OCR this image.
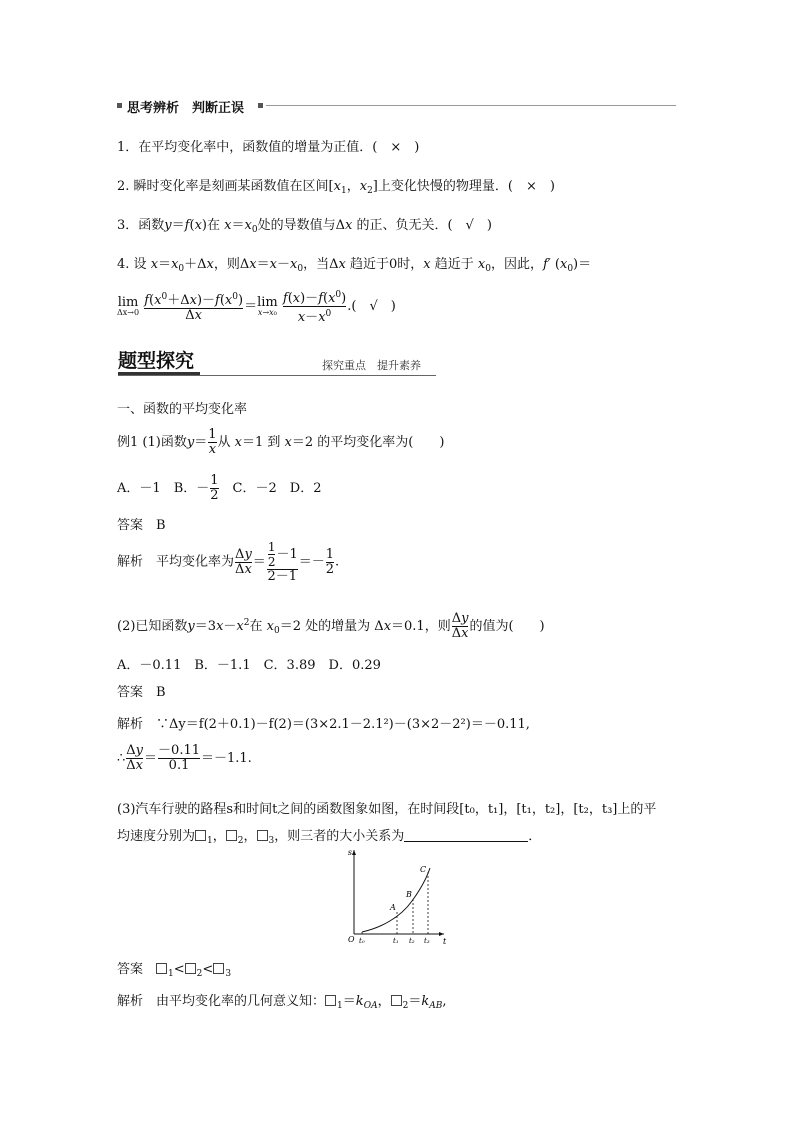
思考辨析　判断正误
1．在平均变化率中，函数值的增量为正值．(　×　)
2. 瞬时变化率是刻画某函数值在区间[$x_1$，$x_2$]上变化快慢的物理量．(　×　)
3．函数y＝f(x)在 $x=x_0$处的导数值与Δx 的正、负无关．(　√　)
4. 设 $x=x_0+\Delta x$，则$\Delta x=x-x_0$，当Δx 趋近于0时，x 趋近于 $x_0$，因此，f′ $(x_0)=$
lim
Δx→0
$\frac{f(x^0+\Delta x)-f(x^0)}{\Delta x} = \lim$
x→x₀
$\frac{f(x)-f(x^0)}{x-x^0}$ .(　√　)
题型探究	探究重点　提升素养
一、函数的平均变化率
例1 (1)函数$y= \frac{1}{x}$ 从 x＝1 到 x＝2 的平均变化率为(　　)
A．－1　 B．－ $\frac{1}{2}$
　 C．－2　 D．2
答案　 B
解析　 平均变化率为 $\frac{\Delta y}{\Delta x} = \frac{\frac{1}{2} -1}{2-1} =- \frac{1}{2}$ .
(2)已知函数$y=3x-x^2$在 $x_0=2$ 处的增量为 Δx＝0.1，则 $\frac{\Delta y}{\Delta x}$ 的值为(　　)
A．－0.11　 B．－1.1　 C．3.89　 D．0.29
答案　 B
解析　 ∵Δy＝f(2＋0.1)－f(2)＝(3×2.1－2.1²)－(3×2－2²)＝－0.11,
∴ $\frac{\Delta y}{\Delta x} = \frac{-0.11}{0.1} =-1.1$.
(3)汽车行驶的路程s和时间t之间的函数图象如图，在时间段[t₀，t₁]，[t₁，t₂]，[t₂，t₃]上的平
均速度分别为 $_1$， $_2$， $_3$，则三者的大小关系为	．
s
t
O t₀	t₁ t₂ t₃
A
B
C
答案　	$_1$< $_2$< $_3$
解析　 由平均变化率的几何意义知： $_1=k_{OA}$， $_2=k_{AB}$,
